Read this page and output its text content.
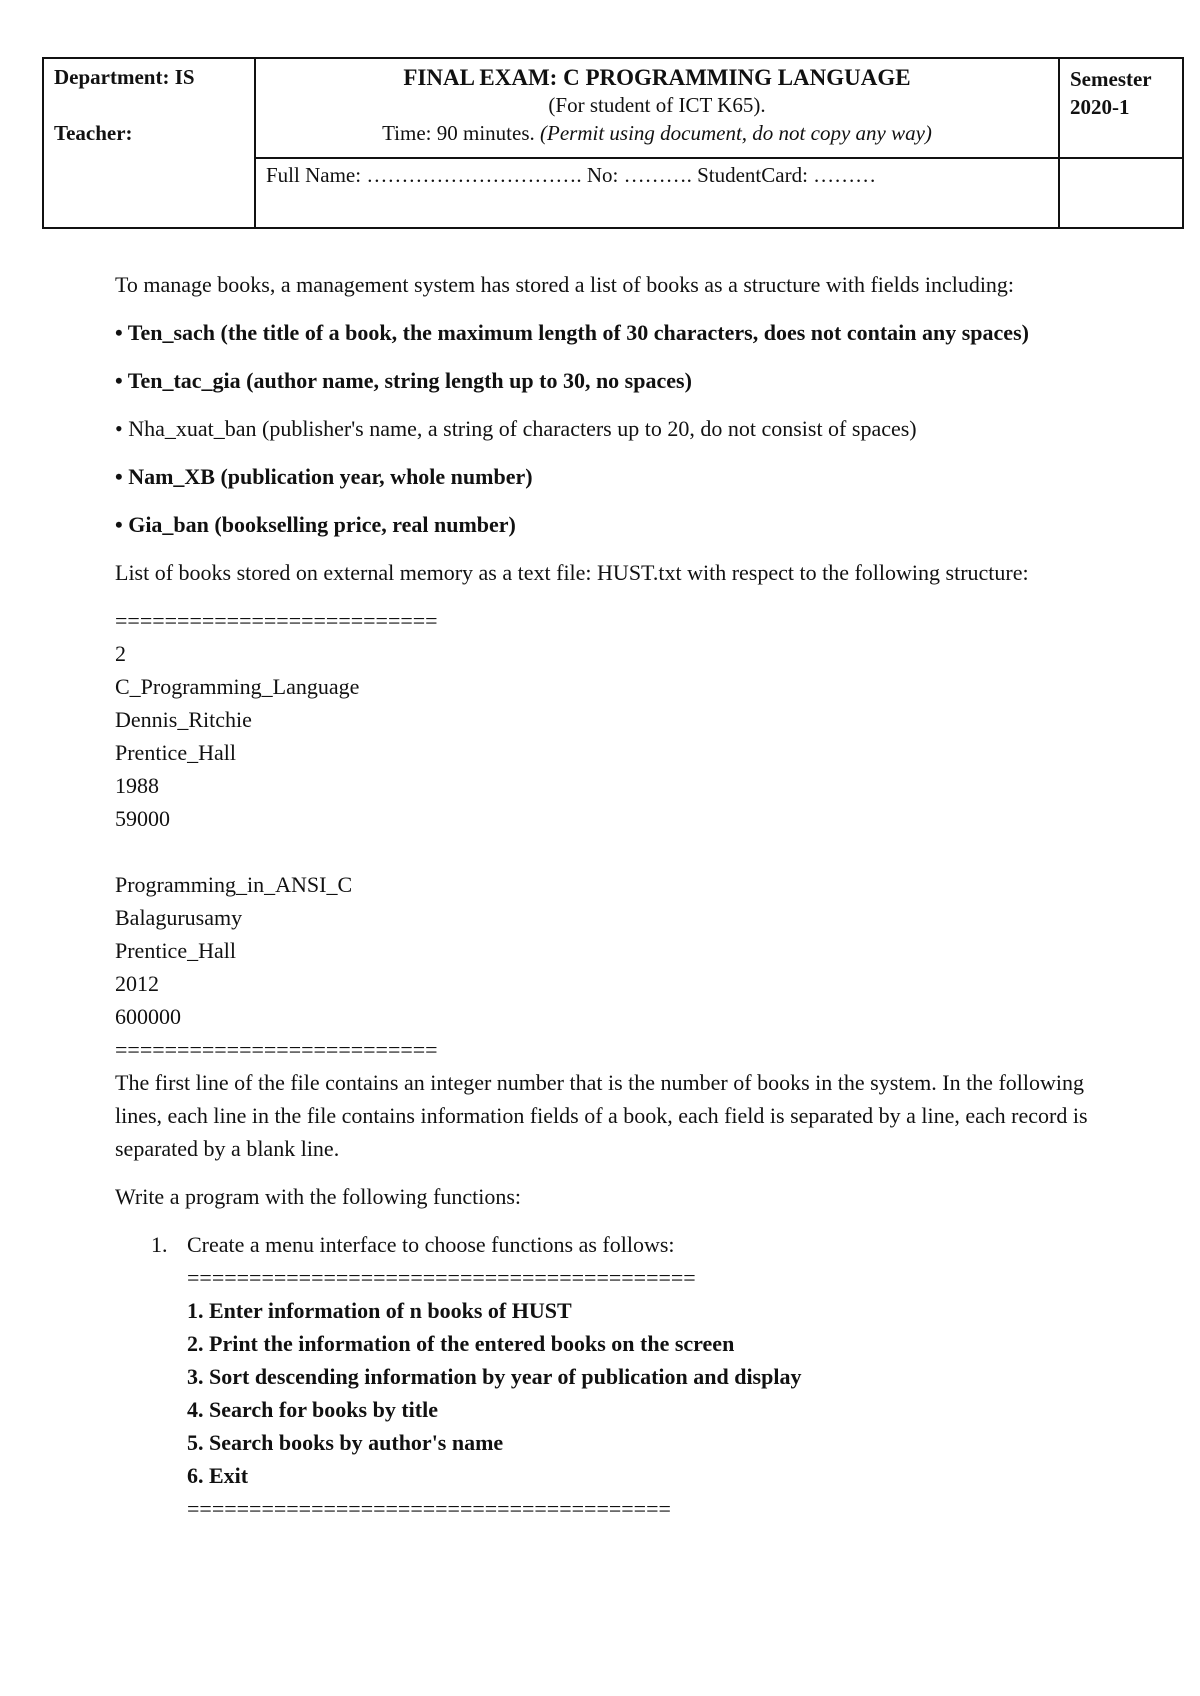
Department: IS
Teacher:
FINAL EXAM: C PROGRAMMING LANGUAGE
(For student of ICT K65).
Time: 90 minutes. (Permit using document, do not copy any way)
Full Name: …………………………. No: ………. StudentCard: ………
Semester
2020-1

To manage books, a management system has stored a list of books as a structure with fields including:

• Ten_sach (the title of a book, the maximum length of 30 characters, does not contain any spaces)

• Ten_tac_gia (author name, string length up to 30, no spaces)

• Nha_xuat_ban (publisher's name, a string of characters up to 20, do not consist of spaces)

• Nam_XB (publication year, whole number)

• Gia_ban (bookselling price, real number)

List of books stored on external memory as a text file: HUST.txt with respect to the following structure:

==========================

2

C_Programming_Language

Dennis_Ritchie

Prentice_Hall

1988

59000

Programming_in_ANSI_C

Balagurusamy

Prentice_Hall

2012

600000

==========================

The first line of the file contains an integer number that is the number of books in the system. In the following lines, each line in the file contains information fields of a book, each field is separated by a line, each record is separated by a blank line.

Write a program with the following functions:

1. Create a menu interface to choose functions as follows:

=========================================

1. Enter information of n books of HUST

2. Print the information of the entered books on the screen

3. Sort descending information by year of publication and display

4. Search for books by title

5. Search books by author's name

6. Exit

=======================================
